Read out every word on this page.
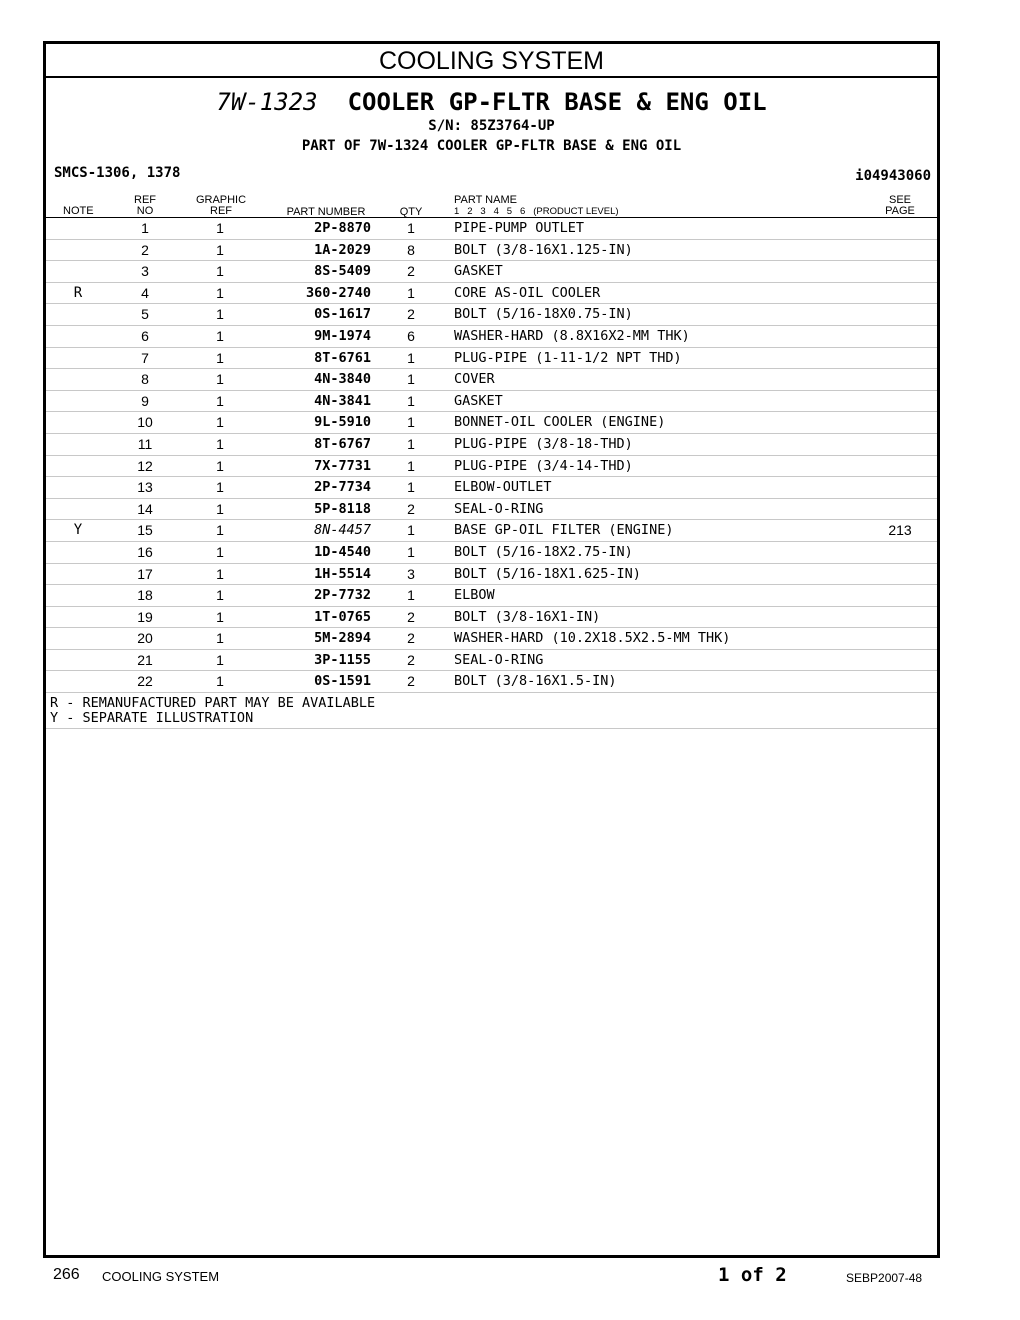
COOLING SYSTEM
7W-1323 COOLER GP-FLTR BASE & ENG OIL
S/N: 85Z3764-UP
PART OF 7W-1324 COOLER GP-FLTR BASE & ENG OIL
SMCS-1306, 1378	i04943060
NOTE
REF
NO
GRAPHIC
REF	PART NUMBER	QTY
PART NAME
1   2   3   4   5   6   (PRODUCT LEVEL)
SEE
PAGE
1	1	2P-8870	1	PIPE-PUMP OUTLET
2	1	1A-2029	8	BOLT (3/8-16X1.125-IN)
3	1	8S-5409	2	GASKET
R	4	1	360-2740	1	CORE AS-OIL COOLER
5	1	0S-1617	2	BOLT (5/16-18X0.75-IN)
6	1	9M-1974	6	WASHER-HARD (8.8X16X2-MM THK)
7	1	8T-6761	1	PLUG-PIPE (1-11-1/2 NPT THD)
8	1	4N-3840	1	COVER
9	1	4N-3841	1	GASKET
10	1	9L-5910	1	BONNET-OIL COOLER (ENGINE)
11	1	8T-6767	1	PLUG-PIPE (3/8-18-THD)
12	1	7X-7731	1	PLUG-PIPE (3/4-14-THD)
13	1	2P-7734	1	ELBOW-OUTLET
14	1	5P-8118	2	SEAL-O-RING
Y	15	1	8N-4457	1	BASE GP-OIL FILTER (ENGINE)	213
16	1	1D-4540	1	BOLT (5/16-18X2.75-IN)
17	1	1H-5514	3	BOLT (5/16-18X1.625-IN)
18	1	2P-7732	1	ELBOW
19	1	1T-0765	2	BOLT (3/8-16X1-IN)
20	1	5M-2894	2	WASHER-HARD (10.2X18.5X2.5-MM THK)
21	1	3P-1155	2	SEAL-O-RING
22	1	0S-1591	2	BOLT (3/8-16X1.5-IN)
R - REMANUFACTURED PART MAY BE AVAILABLE
Y - SEPARATE ILLUSTRATION
266 COOLING SYSTEM	1 of 2	SEBP2007-48
